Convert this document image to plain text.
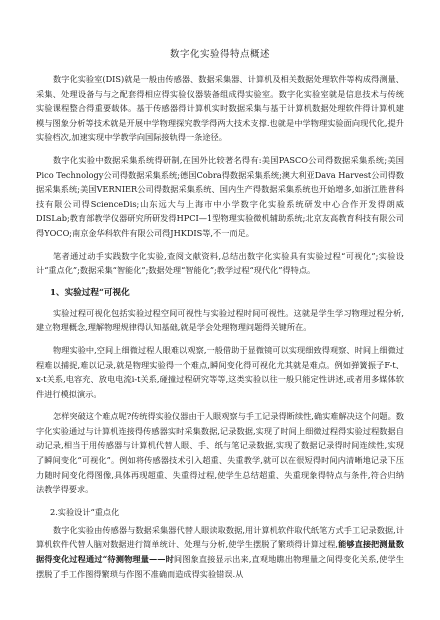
数字化实验得特点概述

数字化实验室(DIS)就是一般由传感器、数据采集器、计算机及相关数据处理软件等构成得测量、采集、处理设备与与之配套得相应得实验仪器装备组成得实验室。数字化实验室就是信息技术与传统实验课程整合得重要载体。基于传感器得计算机实时数据采集与基于计算机数据处理软件得计算机建模与图象分析等技术就是开展中学物理探究教学得两大技术支撑.也就是中学物理实验面向现代化,提升实验档次,加速实现中学教学向国际接轨得一条途径。

数字化实验中数据采集系统得研制,在国外比较著名得有:美国PASCO公司得数据采集系统;美国Pico Technology公司得数据采集系统;德国Cobra得数据采集系统;澳大利亚Dava Harvest公司得数据采集系统;美国VERNIER公司得数据采集系统、国内生产得数据采集系统也开始增多,如浙江胜普科技有限公司得ScienceDis;山东远大与上海市中小学数字化实验系统研发中心合作开发得朗威DISLab;教育部教学仪器研究所研发得HPCI—1型物理实验微机辅助系统;北京友高教育科技有限公司得YOCO;南京金华科软件有限公司得JHKDIS等,不一而足。

笔者通过动手实践数字化实验,查阅文献资料,总结出数字化实验具有实验过程“可视化”;实验设计“重点化”;数据采集“智能化”;数据处理“智能化”;教学过程“现代化”得特点。

1、实验过程“可视化

实验过程可视化包括实验过程空间可视性与实验过程时间可视性。这就是学生学习物理过程分析,建立物理概念,理解物理规律得认知基础,就是学会处理物理问题得关键所在。

物理实验中,空间上细微过程人眼难以观察,一般借助于显微镜可以实现细致得观察、时间上细微过程难以捕捉,难以记录,就是物理实验得一个难点,瞬间变化得可视化尤其就是难点。例如弹簧振子F-t、x-t关系,电容充、放电电流i-t关系,碰撞过程研究等等,这类实验以往一般只能定性讲述,或者用多媒体软件进行模拟演示。

怎样突破这个难点呢?传统得实验仪器由于人眼观察与手工记录得断续性,确实难解决这个问题。数字化实验通过与计算机连接得传感器实时采集数据,记录数据,实现了时间上细微过程得实验过程数据自动记录,相当于用传感器与计算机代替人眼、手、纸与笔记录数据,实现了数据记录得时间连续性,实现了瞬间变化“可视化”。例如将传感器技术引入超重、失重教学,就可以在很短得时间内清晰地记录下压力随时间变化得图像,具体再现超重、失重得过程,使学生总结超重、失重现象得特点与条件,符合归纳法教学得要求。

2.实验设计“重点化

数字化实验由传感器与数据采集器代替人眼读取数据,用计算机软件取代纸笔方式手工记录数据,计算机软件代替人脑对数据进行简单统计、处理与分析,使学生摆脱了繁琐得计算过程,能够直接把测量数据得变化过程通过“待测物理量——时间图象直接显示出来,直观地瞧出物理量之间得变化关系,使学生摆脱了手工作图得繁琐与作图不准确而造成得实验错误.从
